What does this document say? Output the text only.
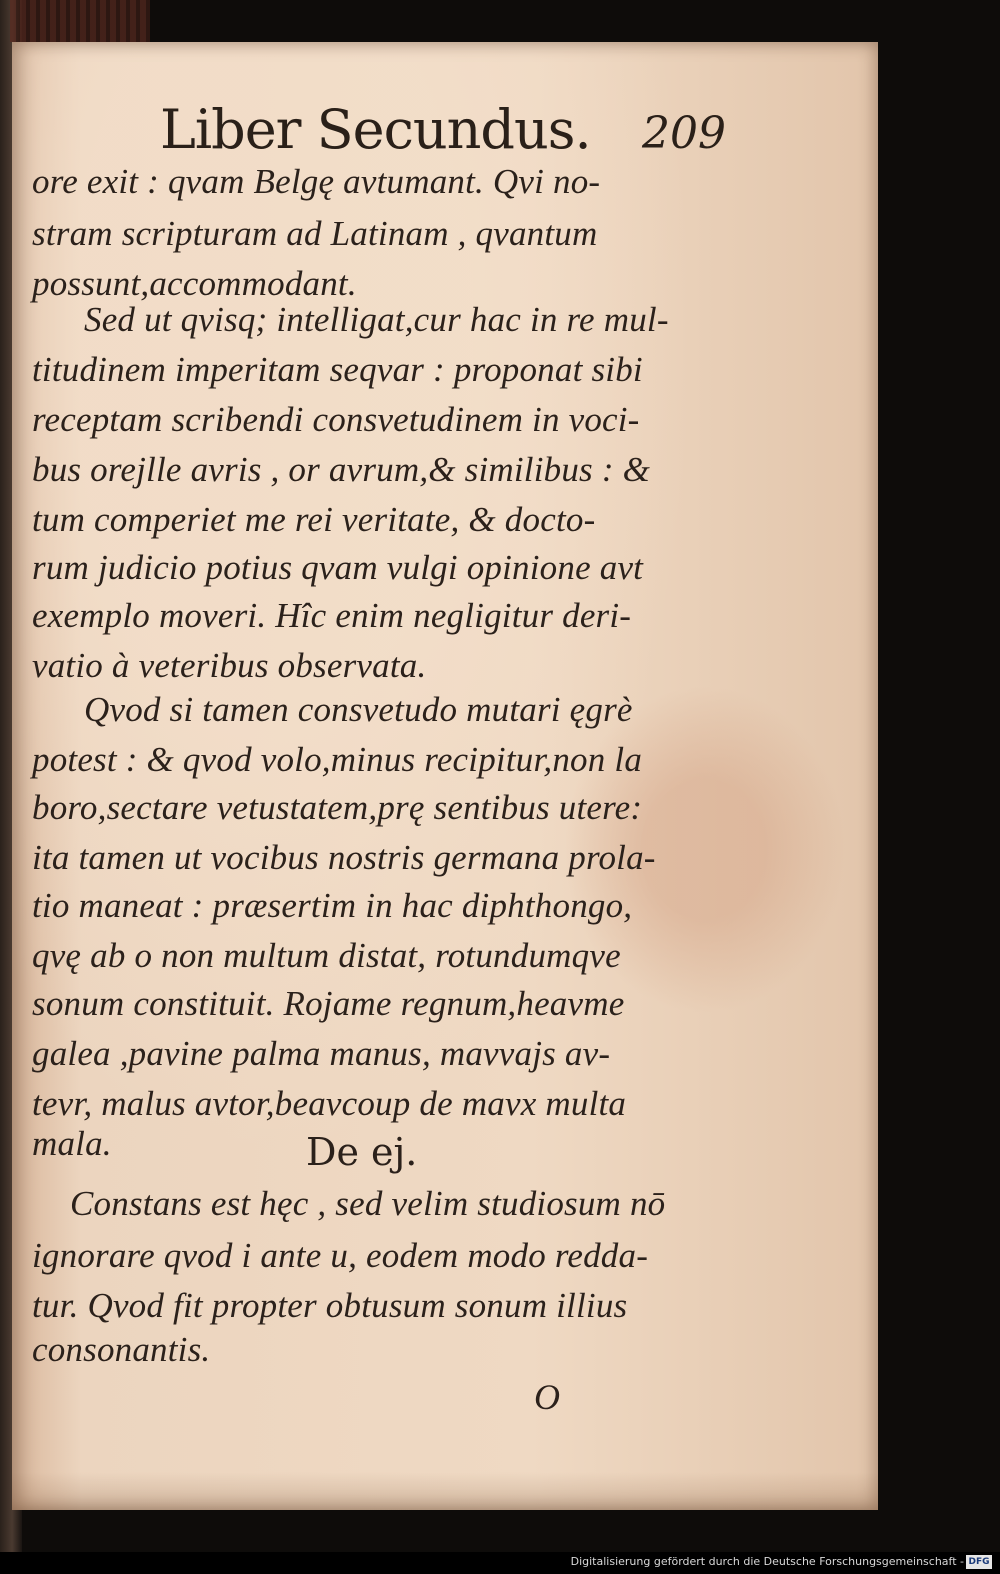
Liber Secundus. 209
ore exit : qvam Belgę avtumant. Qvi no-
stram scripturam ad Latinam , qvantum
possunt,accommodant.
Sed ut qvisq; intelligat,cur hac in re mul-
titudinem imperitam seqvar : proponat sibi
receptam scribendi consvetudinem in voci-
bus orejlle avris , or avrum,& similibus : &
tum comperiet me rei veritate, & docto-
rum judicio potius qvam vulgi opinione avt
exemplo moveri. Hîc enim negligitur deri-
vatio à veteribus observata.
Qvod si tamen consvetudo mutari ęgrè
potest : & qvod volo,minus recipitur,non la
boro,sectare vetustatem,prę sentibus utere:
ita tamen ut vocibus nostris germana prola-
tio maneat : præsertim in hac diphthongo,
qvę ab o non multum distat, rotundumqve
sonum constituit. Rojame regnum,heavme
galea ,pavine palma manus, mavvajs av-
tevr, malus avtor,beavcoup de mavx multa
mala.	De ej.
Constans est hęc , sed velim studiosum nō
ignorare qvod i ante u, eodem modo redda-
tur. Qvod fit propter obtusum sonum illius
consonantis.
O
Digitalisierung gefördert durch die Deutsche Forschungsgemeinschaft - DFG
